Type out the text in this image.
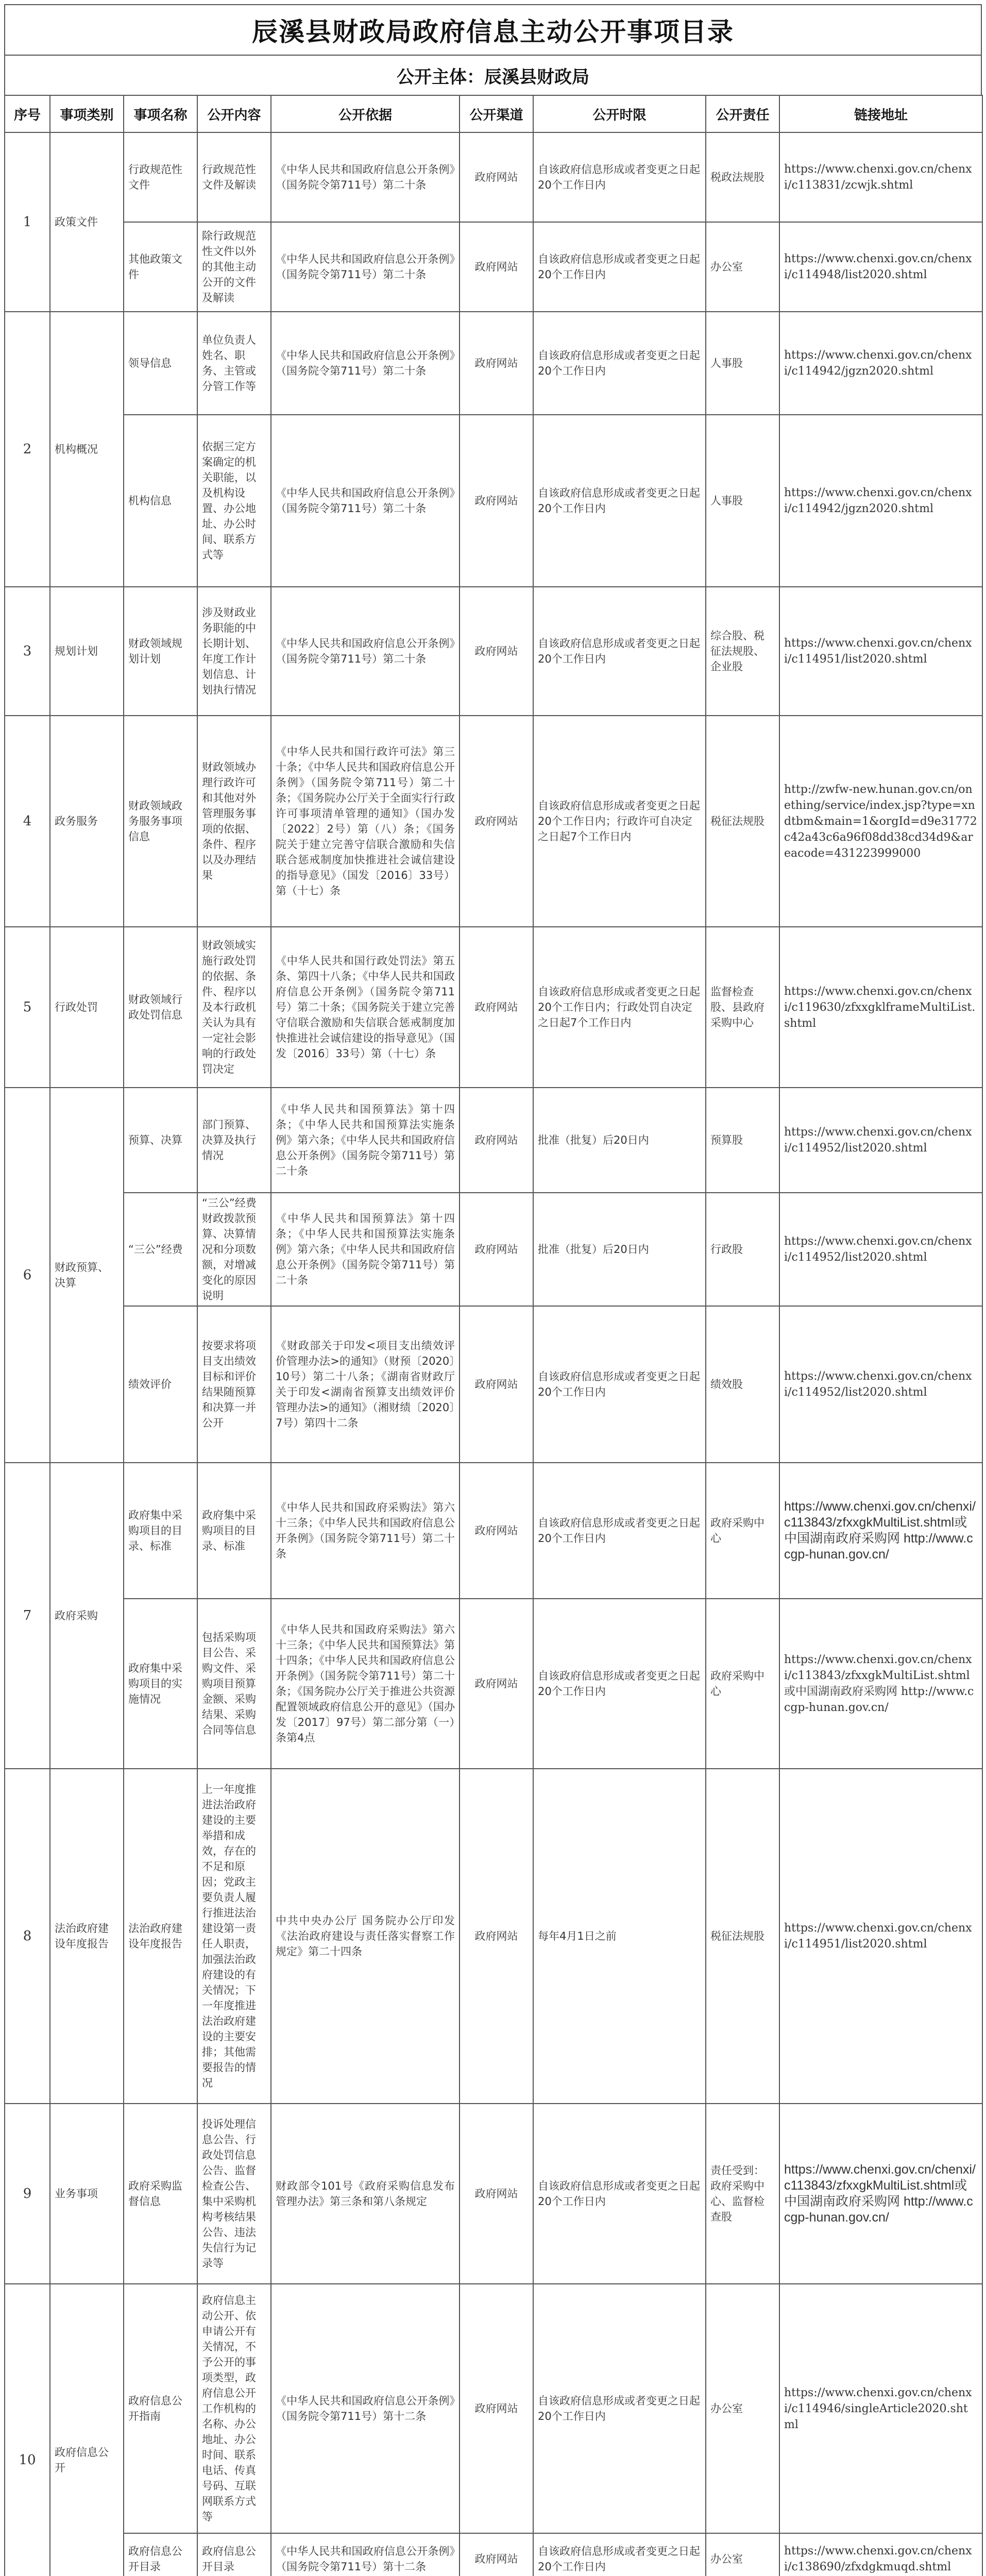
辰溪县财政局政府信息主动公开事项目录
公开主体：辰溪县财政局
序号	事项类别	事项名称	公开内容	公开依据	公开渠道	公开时限	公开责任	链接地址
1	政策文件	行政规范性文件	行政规范性文件及解读	《中华人民共和国政府信息公开条例》（国务院令第711号）第二十条	政府网站	自该政府信息形成或者变更之日起20个工作日内	税政法规股	https://www.chenxi.gov.cn/chenxi/c113831/zcwjk.shtml
		其他政策文件	除行政规范性文件以外的其他主动公开的文件及解读	《中华人民共和国政府信息公开条例》（国务院令第711号）第二十条	政府网站	自该政府信息形成或者变更之日起20个工作日内	办公室	https://www.chenxi.gov.cn/chenxi/c114948/list2020.shtml
2	机构概况	领导信息	单位负责人姓名、职务、主管或分管工作等	《中华人民共和国政府信息公开条例》（国务院令第711号）第二十条	政府网站	自该政府信息形成或者变更之日起20个工作日内	人事股	https://www.chenxi.gov.cn/chenxi/c114942/jgzn2020.shtml
		机构信息	依据三定方案确定的机关职能，以及机构设置、办公地址、办公时间、联系方式等	《中华人民共和国政府信息公开条例》（国务院令第711号）第二十条	政府网站	自该政府信息形成或者变更之日起20个工作日内	人事股	https://www.chenxi.gov.cn/chenxi/c114942/jgzn2020.shtml
3	规划计划	财政领域规划计划	涉及财政业务职能的中长期计划、年度工作计划信息、计划执行情况	《中华人民共和国政府信息公开条例》（国务院令第711号）第二十条	政府网站	自该政府信息形成或者变更之日起20个工作日内	综合股、税征法规股、企业股	https://www.chenxi.gov.cn/chenxi/c114951/list2020.shtml
4	政务服务	财政领域政务服务事项信息	财政领域办理行政许可和其他对外管理服务事项的依据、条件、程序以及办理结果	《中华人民共和国行政许可法》第三十条；《中华人民共和国政府信息公开条例》（国务院令第711号）第二十条；《国务院办公厅关于全面实行行政许可事项清单管理的通知》（国办发〔2022〕2号）第（八）条；《国务院关于建立完善守信联合激励和失信联合惩戒制度加快推进社会诚信建设的指导意见》（国发〔2016〕33号）第（十七）条	政府网站	自该政府信息形成或者变更之日起20个工作日内；行政许可自决定之日起7个工作日内	税征法规股	http://zwfw-new.hunan.gov.cn/onething/service/index.jsp?type=xndtbm&main=1&orgId=d9e31772c42a43c6a96f08dd38cd34d9&areacode=431223999000
5	行政处罚	财政领域行政处罚信息	财政领域实施行政处罚的依据、条件、程序以及本行政机关认为具有一定社会影响的行政处罚决定	《中华人民共和国行政处罚法》第五条、第四十八条；《中华人民共和国政府信息公开条例》（国务院令第711号）第二十条；《国务院关于建立完善守信联合激励和失信联合惩戒制度加快推进社会诚信建设的指导意见》（国发〔2016〕33号）第（十七）条	政府网站	自该政府信息形成或者变更之日起20个工作日内；行政处罚自决定之日起7个工作日内	监督检查股、县政府采购中心	https://www.chenxi.gov.cn/chenxi/c119630/zfxxgklframeMultiList.shtml
6	财政预算、决算	预算、决算	部门预算、决算及执行情况	《中华人民共和国预算法》第十四条；《中华人民共和国预算法实施条例》第六条；《中华人民共和国政府信息公开条例》（国务院令第711号）第二十条	政府网站	批准（批复）后20日内	预算股	https://www.chenxi.gov.cn/chenxi/c114952/list2020.shtml
		“三公”经费	“三公”经费财政拨款预算、决算情况和分项数额，对增减变化的原因说明	《中华人民共和国预算法》第十四条；《中华人民共和国预算法实施条例》第六条；《中华人民共和国政府信息公开条例》（国务院令第711号）第二十条	政府网站	批准（批复）后20日内	行政股	https://www.chenxi.gov.cn/chenxi/c114952/list2020.shtml
		绩效评价	按要求将项目支出绩效目标和评价结果随预算和决算一并公开	《财政部关于印发<项目支出绩效评价管理办法>的通知》（财预〔2020〕10号）第二十八条；《湖南省财政厅关于印发<湖南省预算支出绩效评价管理办法>的通知》（湘财绩〔2020〕7号）第四十二条	政府网站	自该政府信息形成或者变更之日起20个工作日内	绩效股	https://www.chenxi.gov.cn/chenxi/c114952/list2020.shtml
7	政府采购	政府集中采购项目的目录、标准	政府集中采购项目的目录、标准	《中华人民共和国政府采购法》第六十三条；《中华人民共和国政府信息公开条例》（国务院令第711号）第二十条	政府网站	自该政府信息形成或者变更之日起20个工作日内	政府采购中心	https://www.chenxi.gov.cn/chenxi/c113843/zfxxgkMultiList.shtml或中国湖南政府采购网 http://www.ccgp-hunan.gov.cn/
		政府集中采购项目的实施情况	包括采购项目公告、采购文件、采购项目预算金额、采购结果、采购合同等信息	《中华人民共和国政府采购法》第六十三条；《中华人民共和国预算法》第十四条；《中华人民共和国政府信息公开条例》（国务院令第711号）第二十条；《国务院办公厅关于推进公共资源配置领域政府信息公开的意见》（国办发〔2017〕97号）第二部分第（一）条第4点	政府网站	自该政府信息形成或者变更之日起20个工作日内	政府采购中心	https://www.chenxi.gov.cn/chenxi/c113843/zfxxgkMultiList.shtml或中国湖南政府采购网 http://www.ccgp-hunan.gov.cn/
8	法治政府建设年度报告	法治政府建设年度报告	上一年度推进法治政府建设的主要举措和成效，存在的不足和原因；党政主要负责人履行推进法治建设第一责任人职责，加强法治政府建设的有关情况；下一年度推进法治政府建设的主要安排；其他需要报告的情况	中共中央办公厅 国务院办公厅印发《法治政府建设与责任落实督察工作规定》第二十四条	政府网站	每年4月1日之前	税征法规股	https://www.chenxi.gov.cn/chenxi/c114951/list2020.shtml
9	业务事项	政府采购监督信息	投诉处理信息公告、行政处罚信息公告、监督检查公告、集中采购机构考核结果公告、违法失信行为记录等	财政部令101号《政府采购信息发布管理办法》第三条和第八条规定	政府网站	自该政府信息形成或者变更之日起20个工作日内	责任受到：政府采购中心、监督检查股	https://www.chenxi.gov.cn/chenxi/c113843/zfxxgkMultiList.shtml或中国湖南政府采购网 http://www.ccgp-hunan.gov.cn/
10	政府信息公开	政府信息公开指南	政府信息主动公开、依申请公开有关情况，不予公开的事项类型，政府信息公开工作机构的名称、办公地址、办公时间、联系电话、传真号码、互联网联系方式等	《中华人民共和国政府信息公开条例》（国务院令第711号）第十二条	政府网站	自该政府信息形成或者变更之日起20个工作日内	办公室	https://www.chenxi.gov.cn/chenxi/c114946/singleArticle2020.shtml
		政府信息公开目录	政府信息公开目录	《中华人民共和国政府信息公开条例》（国务院令第711号）第十二条	政府网站	自该政府信息形成或者变更之日起20个工作日内	办公室	https://www.chenxi.gov.cn/chenxi/c138690/zfxdgkmuqd.shtml
